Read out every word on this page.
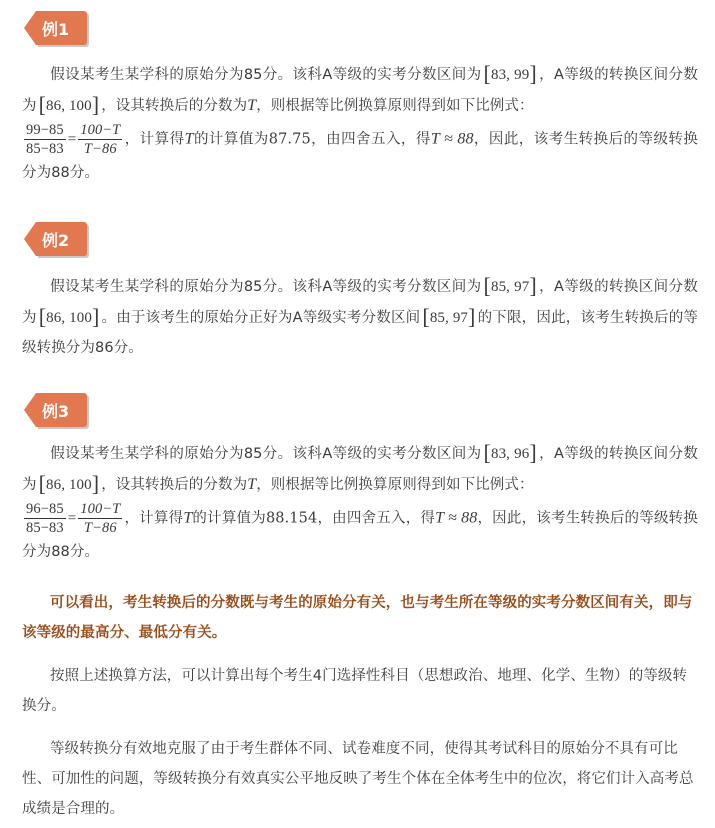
例1
假设某考生某学科的原始分为85分。该科A等级的实考分数区间为[83, 99] ，A等级的转换区间分数为[86, 100] ，设其转换后的分数为T，则根据等比例换算原则得到如下比例式：

$\frac{99-85}{85-83} = \frac{100-T}{T-86}$ ，计算得T的计算值为87.75，由四舍五入，得T ≈ 88，因此，该考生转换后的等级转换分为88分。
例2
假设某考生某学科的原始分为85分。该科A等级的实考分数区间为[85, 97] ，A等级的转换区间分数为[86, 100] 。由于该考生的原始分正好为A等级实考分数区间[85, 97] 的下限，因此，该考生转换后的等级转换分为86分。
例3
假设某考生某学科的原始分为85分。该科A等级的实考分数区间为[83, 96] ，A等级的转换区间分数为[86, 100] ，设其转换后的分数为T，则根据等比例换算原则得到如下比例式：

$\frac{96-85}{85-83} = \frac{100-T}{T-86}$ ，计算得T的计算值为88.154，由四舍五入，得T ≈ 88，因此，该考生转换后的等级转换分为88分。
可以看出，考生转换后的分数既与考生的原始分有关，也与考生所在等级的实考分数区间有关，即与该等级的最高分、最低分有关。
按照上述换算方法，可以计算出每个考生4门选择性科目（思想政治、地理、化学、生物）的等级转换分。
等级转换分有效地克服了由于考生群体不同、试卷难度不同，使得其考试科目的原始分不具有可比性、可加性的问题，等级转换分有效真实公平地反映了考生个体在全体考生中的位次，将它们计入高考总成绩是合理的。
